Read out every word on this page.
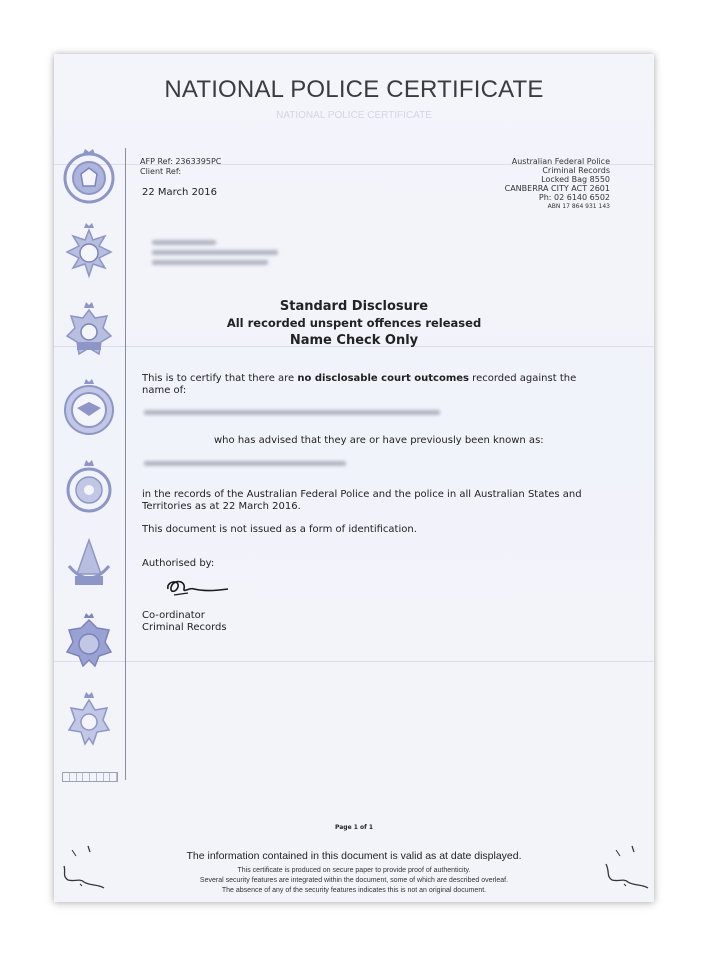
NATIONAL POLICE CERTIFICATE
NATIONAL POLICE CERTIFICATE
AFP Ref: 2363395PC
Client Ref:
22 March 2016
Australian Federal Police
Criminal Records
Locked Bag 8550
CANBERRA CITY ACT 2601
Ph: 02 6140 6502
ABN 17 864 931 143
Standard Disclosure
All recorded unspent offences released
Name Check Only
This is to certify that there are no disclosable court outcomes recorded against the name of:
who has advised that they are or have previously been known as:
in the records of the Australian Federal Police and the police in all Australian States and Territories as at 22 March 2016.
This document is not issued as a form of identification.
Authorised by:
Co-ordinator
Criminal Records
Page 1 of 1
The information contained in this document is valid as at date displayed.
This certificate is produced on secure paper to provide proof of authenticity.
Several security features are integrated within the document, some of which are described overleaf.
The absence of any of the security features indicates this is not an original document.
